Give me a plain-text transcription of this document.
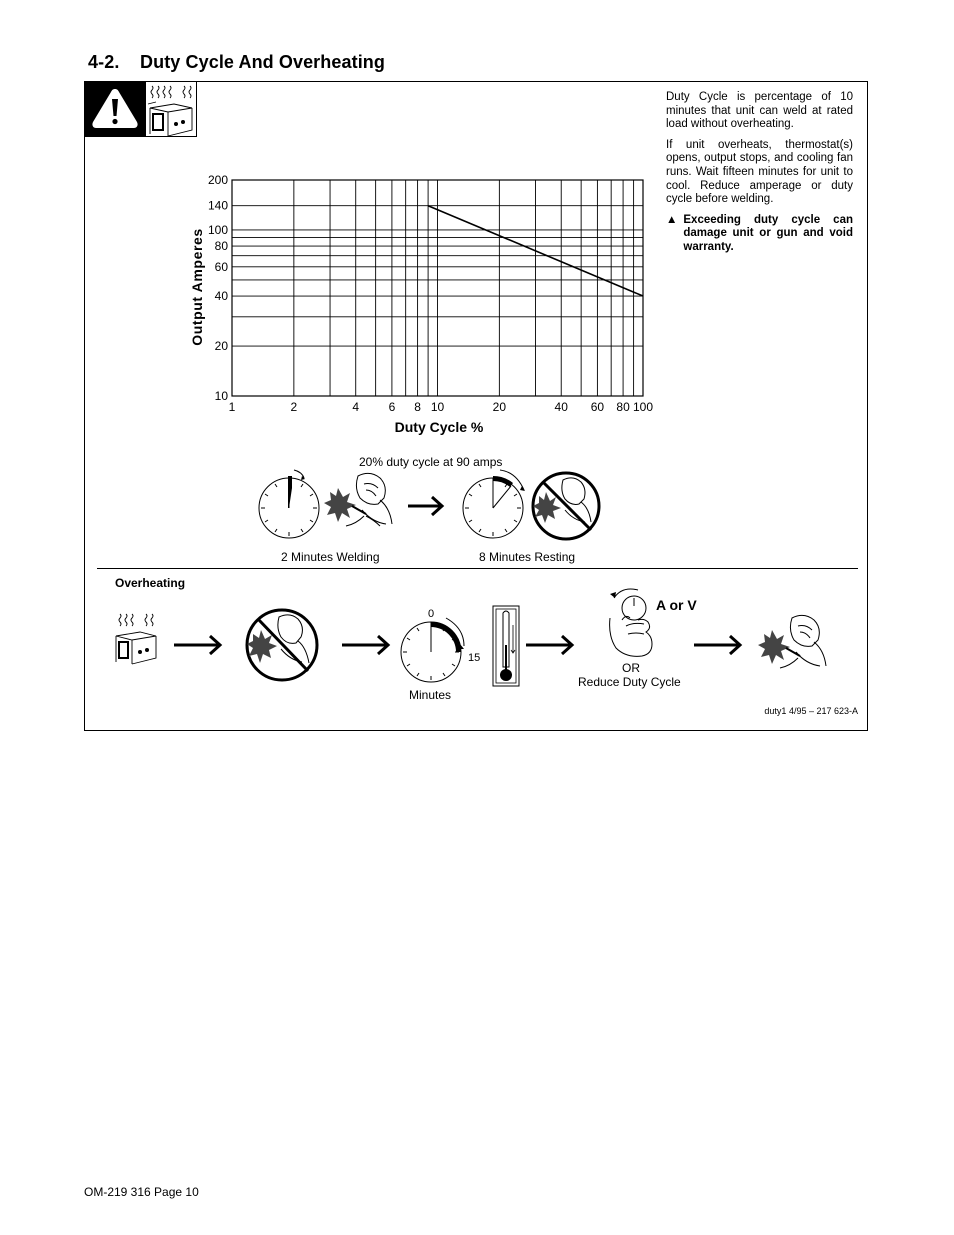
4-2. Duty Cycle And Overheating

Duty Cycle is percentage of 10 minutes that unit can weld at rated load without overheating.

If unit overheats, thermostat(s) opens, output stops, and cooling fan runs. Wait fifteen minutes for unit to cool. Reduce amperage or duty cycle before welding.

▲ Exceeding duty cycle can damage unit or gun and void warranty.
10
20
40
60
80
100
140
200
1	2	4 6 8 10	20	40 60 80 100
Output Amperes
Duty Cycle %
20% duty cycle at 90 amps
2 Minutes Welding	8 Minutes Resting
Overheating
0
15
Minutes
A or V
OR
Reduce Duty Cycle
duty1 4/95 – 217 623-A
OM-219 316 Page 10
